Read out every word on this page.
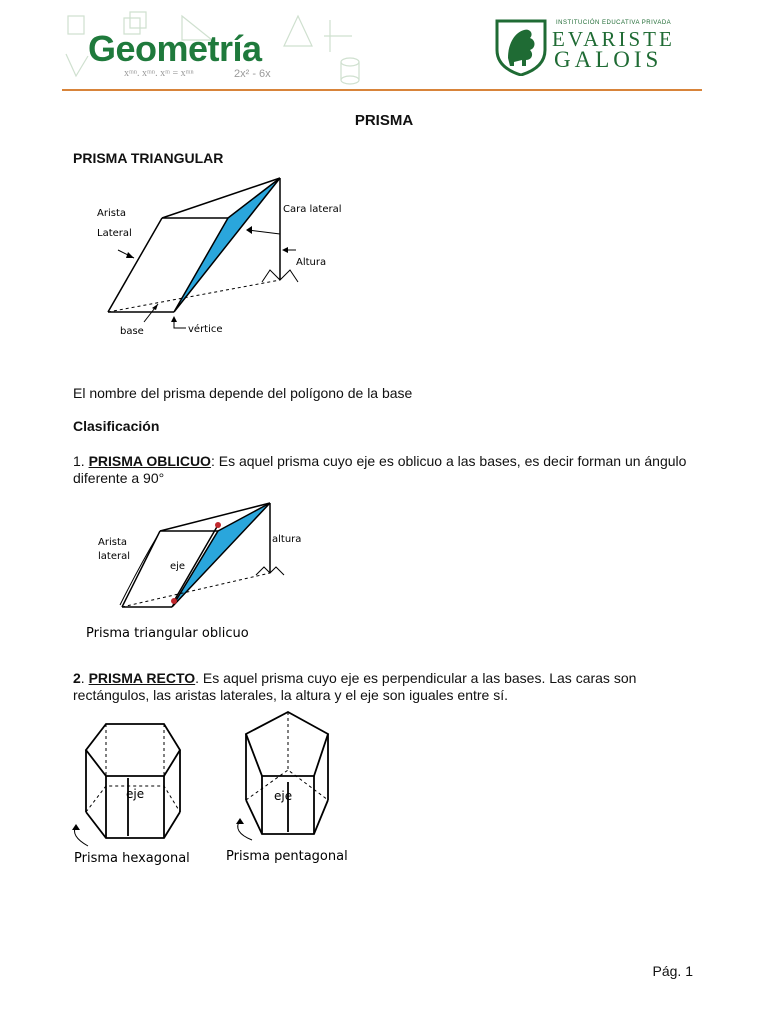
Geometría
xᵐⁿ. xᵐⁿ. xᵐ = xᵐⁿ	2x² - 6x
INSTITUCIÓN EDUCATIVA PRIVADA
EVARISTE
GALOIS
PRISMA
PRISMA TRIANGULAR
Arista
Lateral
Cara lateral
Altura
base	vértice
El nombre del prisma depende del polígono de la base
Clasificación
1. PRISMA OBLICUO: Es aquel prisma cuyo eje es oblicuo a las bases, es decir forman un ángulo diferente a 90°
Arista
lateral
eje
altura
Prisma triangular oblicuo
2. PRISMA RECTO. Es aquel prisma cuyo eje es perpendicular a las bases. Las caras son rectángulos, las aristas laterales, la altura y el eje son iguales entre sí.
eje
Prisma hexagonal
eje
Prisma pentagonal
Pág. 1
